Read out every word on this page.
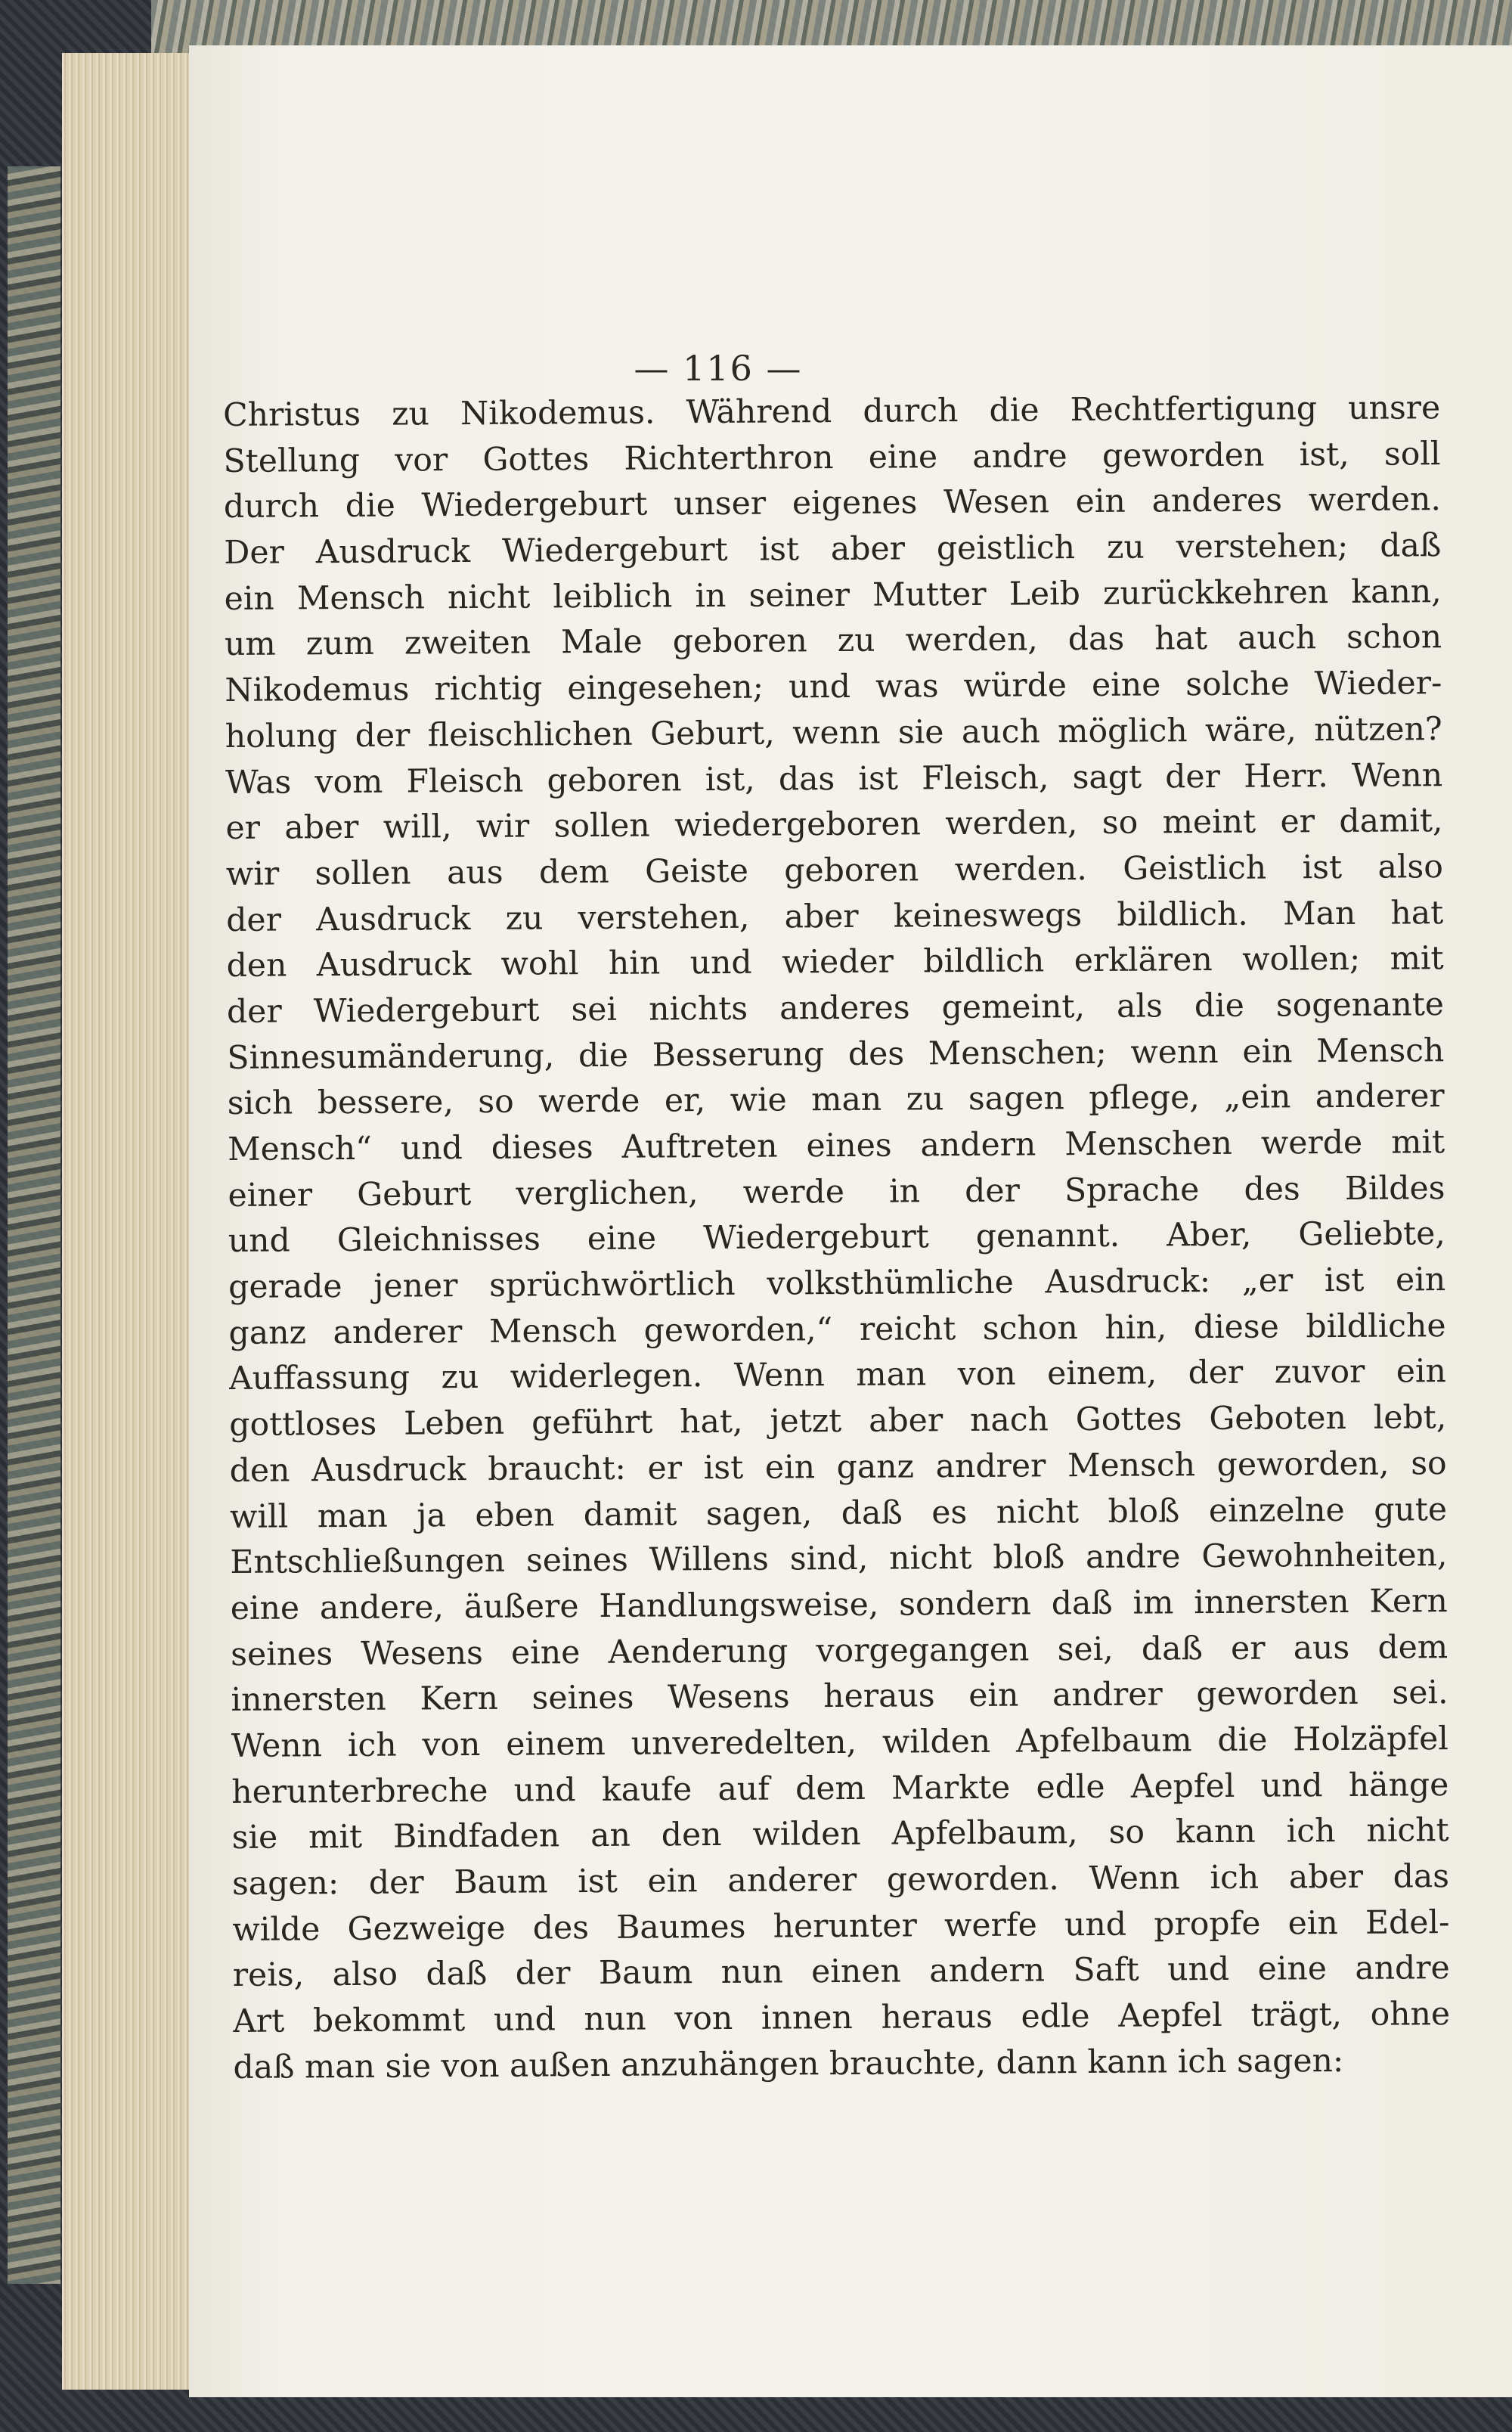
— 116 —
Christus zu Nikodemus. Während durch die Rechtfertigung unsre
Stellung vor Gottes Richterthron eine andre geworden ist, soll
durch die Wiedergeburt unser eigenes Wesen ein anderes werden.
Der Ausdruck Wiedergeburt ist aber geistlich zu verstehen; daß
ein Mensch nicht leiblich in seiner Mutter Leib zurückkehren kann,
um zum zweiten Male geboren zu werden, das hat auch schon
Nikodemus richtig eingesehen; und was würde eine solche Wieder-
holung der fleischlichen Geburt, wenn sie auch möglich wäre, nützen?
Was vom Fleisch geboren ist, das ist Fleisch, sagt der Herr. Wenn
er aber will, wir sollen wiedergeboren werden, so meint er damit,
wir sollen aus dem Geiste geboren werden. Geistlich ist also
der Ausdruck zu verstehen, aber keineswegs bildlich. Man hat
den Ausdruck wohl hin und wieder bildlich erklären wollen; mit
der Wiedergeburt sei nichts anderes gemeint, als die sogenante
Sinnesumänderung, die Besserung des Menschen; wenn ein Mensch
sich bessere, so werde er, wie man zu sagen pflege, „ein anderer
Mensch“ und dieses Auftreten eines andern Menschen werde mit
einer Geburt verglichen, werde in der Sprache des Bildes
und Gleichnisses eine Wiedergeburt genannt. Aber, Geliebte,
gerade jener sprüchwörtlich volksthümliche Ausdruck: „er ist ein
ganz anderer Mensch geworden,“ reicht schon hin, diese bildliche
Auffassung zu widerlegen. Wenn man von einem, der zuvor ein
gottloses Leben geführt hat, jetzt aber nach Gottes Geboten lebt,
den Ausdruck braucht: er ist ein ganz andrer Mensch geworden, so
will man ja eben damit sagen, daß es nicht bloß einzelne gute
Entschließungen seines Willens sind, nicht bloß andre Gewohnheiten,
eine andere, äußere Handlungsweise, sondern daß im innersten Kern
seines Wesens eine Aenderung vorgegangen sei, daß er aus dem
innersten Kern seines Wesens heraus ein andrer geworden sei.
Wenn ich von einem unveredelten, wilden Apfelbaum die Holzäpfel
herunterbreche und kaufe auf dem Markte edle Aepfel und hänge
sie mit Bindfaden an den wilden Apfelbaum, so kann ich nicht
sagen: der Baum ist ein anderer geworden. Wenn ich aber das
wilde Gezweige des Baumes herunter werfe und propfe ein Edel-
reis, also daß der Baum nun einen andern Saft und eine andre
Art bekommt und nun von innen heraus edle Aepfel trägt, ohne
daß man sie von außen anzuhängen brauchte, dann kann ich sagen:
